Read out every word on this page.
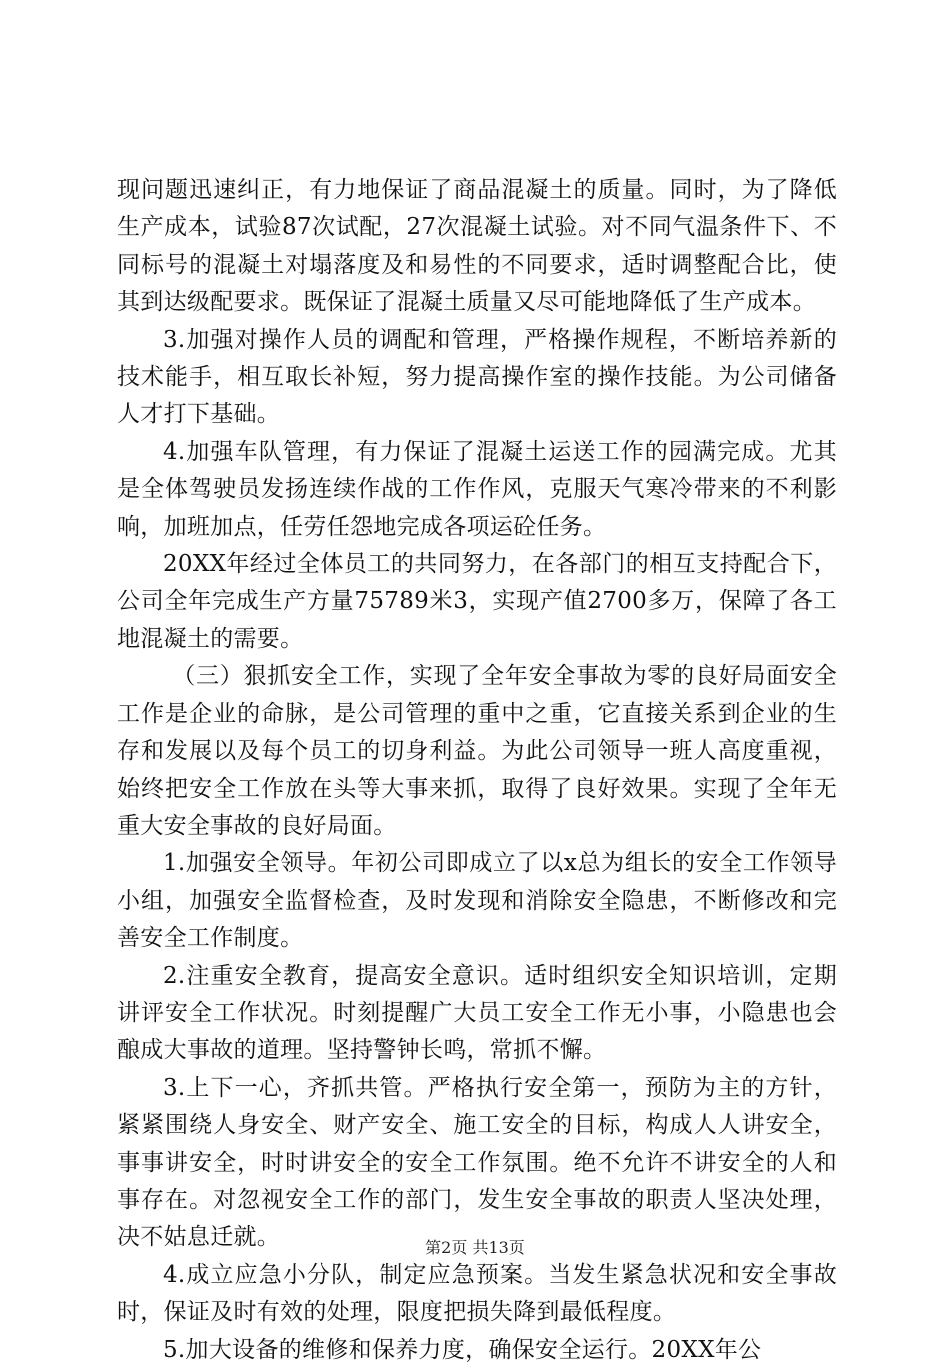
现问题迅速纠正，有力地保证了商品混凝土的质量。同时，为了降低生产成本，试验87次试配，27次混凝土试验。对不同气温条件下、不同标号的混凝土对塌落度及和易性的不同要求，适时调整配合比，使其到达级配要求。既保证了混凝土质量又尽可能地降低了生产成本。

3.加强对操作人员的调配和管理，严格操作规程，不断培养新的技术能手，相互取长补短，努力提高操作室的操作技能。为公司储备人才打下基础。

4.加强车队管理，有力保证了混凝土运送工作的园满完成。尤其是全体驾驶员发扬连续作战的工作作风，克服天气寒冷带来的不利影响，加班加点，任劳任怨地完成各项运砼任务。

20XX年经过全体员工的共同努力，在各部门的相互支持配合下，公司全年完成生产方量75789米3，实现产值2700多万，保障了各工地混凝土的需要。

（三）狠抓安全工作，实现了全年安全事故为零的良好局面安全工作是企业的命脉，是公司管理的重中之重，它直接关系到企业的生存和发展以及每个员工的切身利益。为此公司领导一班人高度重视，始终把安全工作放在头等大事来抓，取得了良好效果。实现了全年无重大安全事故的良好局面。

1.加强安全领导。年初公司即成立了以x总为组长的安全工作领导小组，加强安全监督检查，及时发现和消除安全隐患，不断修改和完善安全工作制度。

2.注重安全教育，提高安全意识。适时组织安全知识培训，定期讲评安全工作状况。时刻提醒广大员工安全工作无小事，小隐患也会酿成大事故的道理。坚持警钟长鸣，常抓不懈。

3.上下一心，齐抓共管。严格执行安全第一，预防为主的方针，紧紧围绕人身安全、财产安全、施工安全的目标，构成人人讲安全，事事讲安全，时时讲安全的安全工作氛围。绝不允许不讲安全的人和事存在。对忽视安全工作的部门，发生安全事故的职责人坚决处理，决不姑息迁就。

4.成立应急小分队，制定应急预案。当发生紧急状况和安全事故时，保证及时有效的处理，限度把损失降到最低程度。

5.加大设备的维修和保养力度，确保安全运行。20XX年公

第2页 共13页
